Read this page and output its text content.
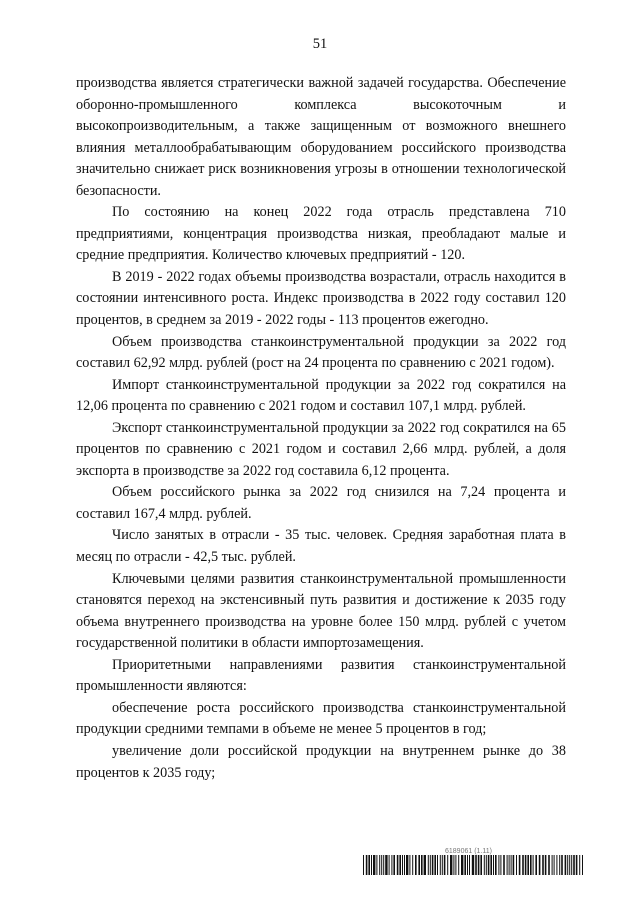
51

производства является стратегически важной задачей государства. Обеспечение оборонно-промышленного комплекса высокоточным и высокопроизводительным, а также защищенным от возможного внешнего влияния металлообрабатывающим оборудованием российского производства значительно снижает риск возникновения угрозы в отношении технологической безопасности.

По состоянию на конец 2022 года отрасль представлена 710 предприятиями, концентрация производства низкая, преобладают малые и средние предприятия. Количество ключевых предприятий - 120.

В 2019 - 2022 годах объемы производства возрастали, отрасль находится в состоянии интенсивного роста. Индекс производства в 2022 году составил 120 процентов, в среднем за 2019 - 2022 годы - 113 процентов ежегодно.

Объем производства станкоинструментальной продукции за 2022 год составил 62,92 млрд. рублей (рост на 24 процента по сравнению с 2021 годом).

Импорт станкоинструментальной продукции за 2022 год сократился на 12,06 процента по сравнению с 2021 годом и составил 107,1 млрд. рублей.

Экспорт станкоинструментальной продукции за 2022 год сократился на 65 процентов по сравнению с 2021 годом и составил 2,66 млрд. рублей, а доля экспорта в производстве за 2022 год составила 6,12 процента.

Объем российского рынка за 2022 год снизился на 7,24 процента и составил 167,4 млрд. рублей.

Число занятых в отрасли - 35 тыс. человек. Средняя заработная плата в месяц по отрасли - 42,5 тыс. рублей.

Ключевыми целями развития станкоинструментальной промышленности становятся переход на экстенсивный путь развития и достижение к 2035 году объема внутреннего производства на уровне более 150 млрд. рублей с учетом государственной политики в области импортозамещения.

Приоритетными направлениями развития станкоинструментальной промышленности являются:

обеспечение роста российского производства станкоинструментальной продукции средними темпами в объеме не менее 5 процентов в год;

увеличение доли российской продукции на внутреннем рынке до 38 процентов к 2035 году;

6189061 (1.11)
